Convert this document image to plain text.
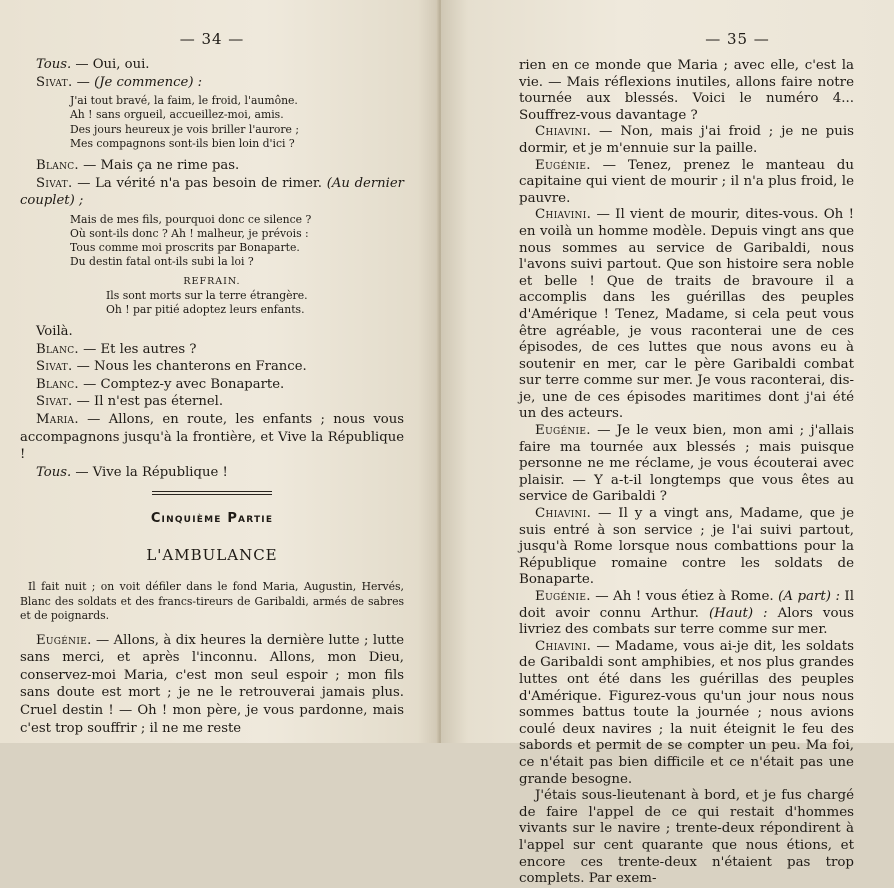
— 34 —

Tous. — Oui, oui.

Sivat. — (Je commence) :

J'ai tout bravé, la faim, le froid, l'aumône.
Ah ! sans orgueil, accueillez-moi, amis.
Des jours heureux je vois briller l'aurore ;
Mes compagnons sont-ils bien loin d'ici ?

Blanc. — Mais ça ne rime pas.

Sivat. — La vérité n'a pas besoin de rimer. (Au dernier couplet) ;

Mais de mes fils, pourquoi donc ce silence ?
Où sont-ils donc ? Ah ! malheur, je prévois :
Tous comme moi proscrits par Bonaparte.
Du destin fatal ont-ils subi la loi ?
REFRAIN.
Ils sont morts sur la terre étrangère.
Oh ! par pitié adoptez leurs enfants.

Voilà.

Blanc. — Et les autres ?

Sivat. — Nous les chanterons en France.

Blanc. — Comptez-y avec Bonaparte.

Sivat. — Il n'est pas éternel.

Maria. — Allons, en route, les enfants ; nous vous accompagnons jusqu'à la frontière, et Vive la République !

Tous. — Vive la République !

Cinquième Partie
L'AMBULANCE
Il fait nuit ; on voit défiler dans le fond Maria, Augustin, Hervés, Blanc des soldats et des francs-tireurs de Garibaldi, armés de sabres et de poignards.

Eugénie. — Allons, à dix heures la dernière lutte ; lutte sans merci, et après l'inconnu. Allons, mon Dieu, conservez-moi Maria, c'est mon seul espoir ; mon fils sans doute est mort ; je ne le retrouverai jamais plus. Cruel destin ! — Oh ! mon père, je vous pardonne, mais c'est trop souffrir ; il ne me reste

— 35 —

rien en ce monde que Maria ; avec elle, c'est la vie. — Mais réflexions inutiles, allons faire notre tournée aux blessés. Voici le numéro 4... Souffrez-vous davantage ?

Chiavini. — Non, mais j'ai froid ; je ne puis dormir, et je m'ennuie sur la paille.

Eugénie. — Tenez, prenez le manteau du capitaine qui vient de mourir ; il n'a plus froid, le pauvre.

Chiavini. — Il vient de mourir, dites-vous. Oh ! en voilà un homme modèle. Depuis vingt ans que nous sommes au service de Garibaldi, nous l'avons suivi partout. Que son histoire sera noble et belle ! Que de traits de bravoure il a accomplis dans les guérillas des peuples d'Amérique ! Tenez, Madame, si cela peut vous être agréable, je vous raconterai une de ces épisodes, de ces luttes que nous avons eu à soutenir en mer, car le père Garibaldi combat sur terre comme sur mer. Je vous raconterai, dis-je, une de ces épisodes maritimes dont j'ai été un des acteurs.

Eugénie. — Je le veux bien, mon ami ; j'allais faire ma tournée aux blessés ; mais puisque personne ne me réclame, je vous écouterai avec plaisir. — Y a-t-il longtemps que vous êtes au service de Garibaldi ?

Chiavini. — Il y a vingt ans, Madame, que je suis entré à son service ; je l'ai suivi partout, jusqu'à Rome lorsque nous combattions pour la République romaine contre les soldats de Bonaparte.

Eugénie. — Ah ! vous étiez à Rome. (A part) : Il doit avoir connu Arthur. (Haut) : Alors vous livriez des combats sur terre comme sur mer.

Chiavini. — Madame, vous ai-je dit, les soldats de Garibaldi sont amphibies, et nos plus grandes luttes ont été dans les guérillas des peuples d'Amérique. Figurez-vous qu'un jour nous nous sommes battus toute la journée ; nous avions coulé deux navires ; la nuit éteignit le feu des sabords et permit de se compter un peu. Ma foi, ce n'était pas bien difficile et ce n'était pas une grande besogne.

J'étais sous-lieutenant à bord, et je fus chargé de faire l'appel de ce qui restait d'hommes vivants sur le navire ; trente-deux répondirent à l'appel sur cent quarante que nous étions, et encore ces trente-deux n'étaient pas trop complets. Par exem-
